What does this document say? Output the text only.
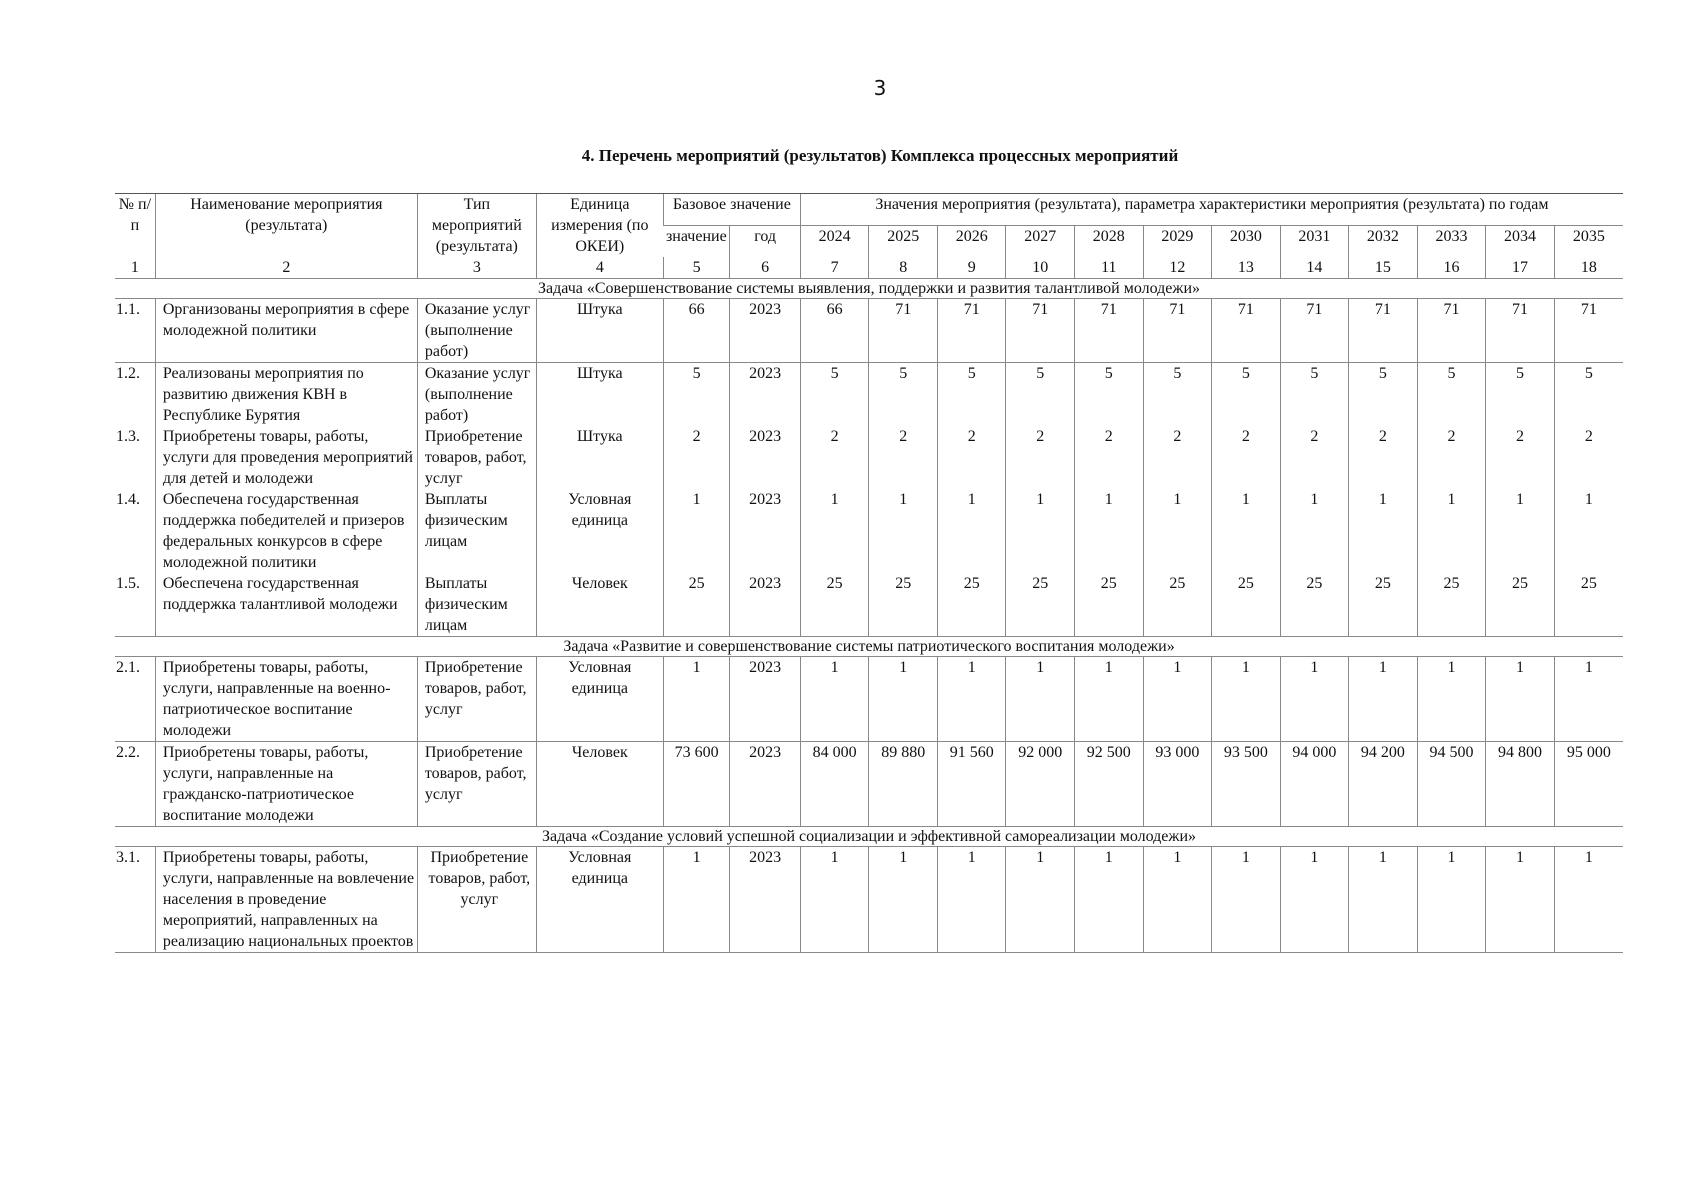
3
4. Перечень мероприятий (результатов) Комплекса процессных мероприятий
№ п/п	Наименование мероприятия (результата)	Тип мероприятий (результата)	Единица измерения (по ОКЕИ)	Базовое значение		Значения мероприятия (результата), параметра характеристики мероприятия (результата) по годам											
				значение	год	2024	2025	2026	2027	2028	2029	2030	2031	2032	2033	2034	2035
1	2	3	4	5	6	7	8	9	10	11	12	13	14	15	16	17	18
Задача «Совершенствование системы выявления, поддержки и развития талантливой молодежи»																	
1.1.	Организованы мероприятия в сфере молодежной политики	Оказание услуг (выполнение работ)	Штука	66	2023	66	71	71	71	71	71	71	71	71	71	71	71
1.2.	Реализованы мероприятия по развитию движения КВН в Республике Бурятия	Оказание услуг (выполнение работ)	Штука	5	2023	5	5	5	5	5	5	5	5	5	5	5	5
1.3.	Приобретены товары, работы, услуги для проведения мероприятий для детей и молодежи	Приобретение товаров, работ, услуг	Штука	2	2023	2	2	2	2	2	2	2	2	2	2	2	2
1.4.	Обеспечена государственная поддержка победителей и призеров федеральных конкурсов в сфере молодежной политики	Выплаты физическим лицам	Условная единица	1	2023	1	1	1	1	1	1	1	1	1	1	1	1
1.5.	Обеспечена государственная поддержка талантливой молодежи	Выплаты физическим лицам	Человек	25	2023	25	25	25	25	25	25	25	25	25	25	25	25
Задача «Развитие и совершенствование системы патриотического воспитания молодежи»																	
2.1.	Приобретены товары, работы, услуги, направленные на военно-патриотическое воспитание молодежи	Приобретение товаров, работ, услуг	Условная единица	1	2023	1	1	1	1	1	1	1	1	1	1	1	1
2.2.	Приобретены товары, работы, услуги, направленные на гражданско-патриотическое воспитание молодежи	Приобретение товаров, работ, услуг	Человек	73 600	2023	84 000	89 880	91 560	92 000	92 500	93 000	93 500	94 000	94 200	94 500	94 800	95 000
Задача «Создание условий успешной социализации и эффективной самореализации молодежи»																	
3.1.	Приобретены товары, работы, услуги, направленные на вовлечение населения в проведение мероприятий, направленных на реализацию национальных проектов	Приобретение товаров, работ, услуг	Условная единица	1	2023	1	1	1	1	1	1	1	1	1	1	1	1
